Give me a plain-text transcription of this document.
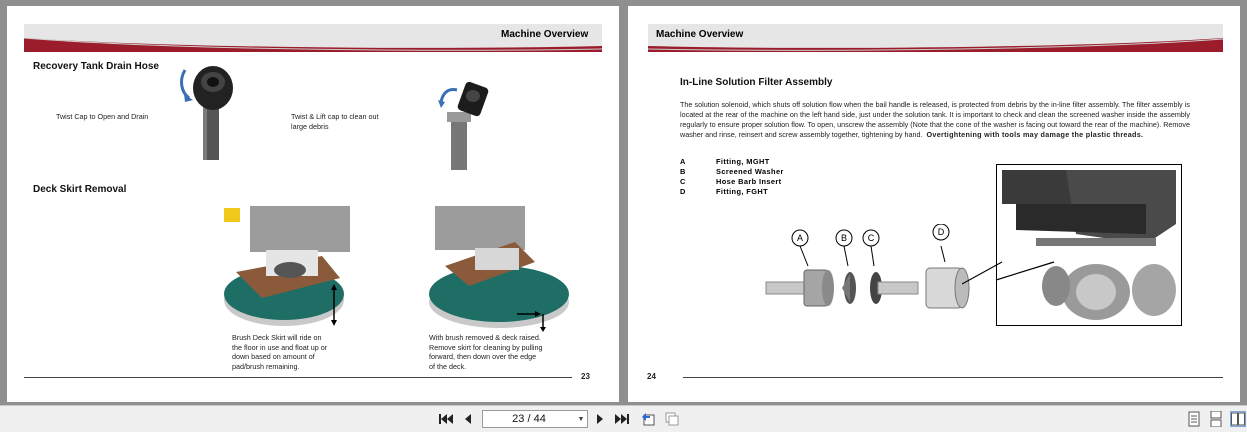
Machine Overview
Recovery Tank Drain Hose
Twist Cap to Open and Drain	Twist & Lift cap to clean out
large debris
Deck Skirt Removal
Brush Deck Skirt will ride on
the floor in use and float up or
down based on amount of
pad/brush remaining.
With brush removed & deck raised.
Remove skirt for cleaning by pulling
forward, then down over the edge
of the deck.
23
Machine Overview
In-Line Solution Filter Assembly
The solution solenoid, which shuts off solution flow when the bail handle is released, is protected from debris by the in-line filter assembly. The filter assembly is located at the rear of the machine on the left hand side, just under the solution tank. It is important to check and clean the screened washer inside the assembly regularly to ensure proper solution flow. To open, unscrew the assembly (Note that the cone of the washer is facing out toward the rear of the machine). Remove washer and rinse, reinsert and screw assembly together, tightening by hand. Overtightening with tools may damage the plastic threads.
A	Fitting, MGHT
B	Screened Washer
C	Hose Barb Insert
D	Fitting, FGHT
A	B C
D
24
23 / 44	▼
